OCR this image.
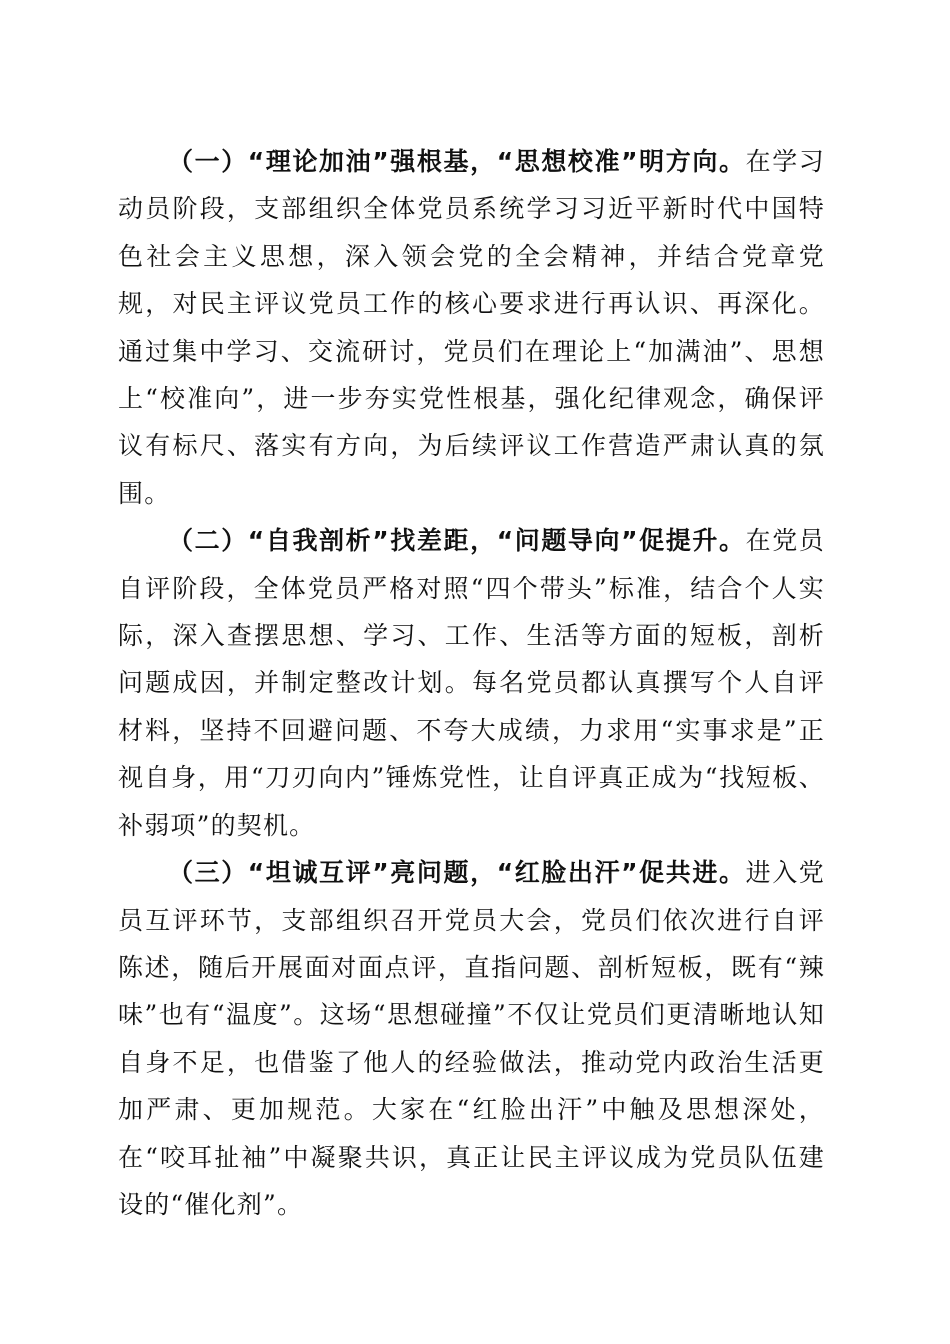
（一）“理论加油”强根基，“思想校准”明方向。在学习动员阶段，支部组织全体党员系统学习习近平新时代中国特色社会主义思想，深入领会党的全会精神，并结合党章党规，对民主评议党员工作的核心要求进行再认识、再深化。通过集中学习、交流研讨，党员们在理论上“加满油”、思想上“校准向”，进一步夯实党性根基，强化纪律观念，确保评议有标尺、落实有方向，为后续评议工作营造严肃认真的氛围。

（二）“自我剖析”找差距，“问题导向”促提升。在党员自评阶段，全体党员严格对照“四个带头”标准，结合个人实际，深入查摆思想、学习、工作、生活等方面的短板，剖析问题成因，并制定整改计划。每名党员都认真撰写个人自评材料，坚持不回避问题、不夸大成绩，力求用“实事求是”正视自身，用“刀刃向内”锤炼党性，让自评真正成为“找短板、补弱项”的契机。

（三）“坦诚互评”亮问题，“红脸出汗”促共进。进入党员互评环节，支部组织召开党员大会，党员们依次进行自评陈述，随后开展面对面点评，直指问题、剖析短板，既有“辣味”也有“温度”。这场“思想碰撞”不仅让党员们更清晰地认知自身不足，也借鉴了他人的经验做法，推动党内政治生活更加严肃、更加规范。大家在“红脸出汗”中触及思想深处，在“咬耳扯袖”中凝聚共识，真正让民主评议成为党员队伍建设的“催化剂”。
